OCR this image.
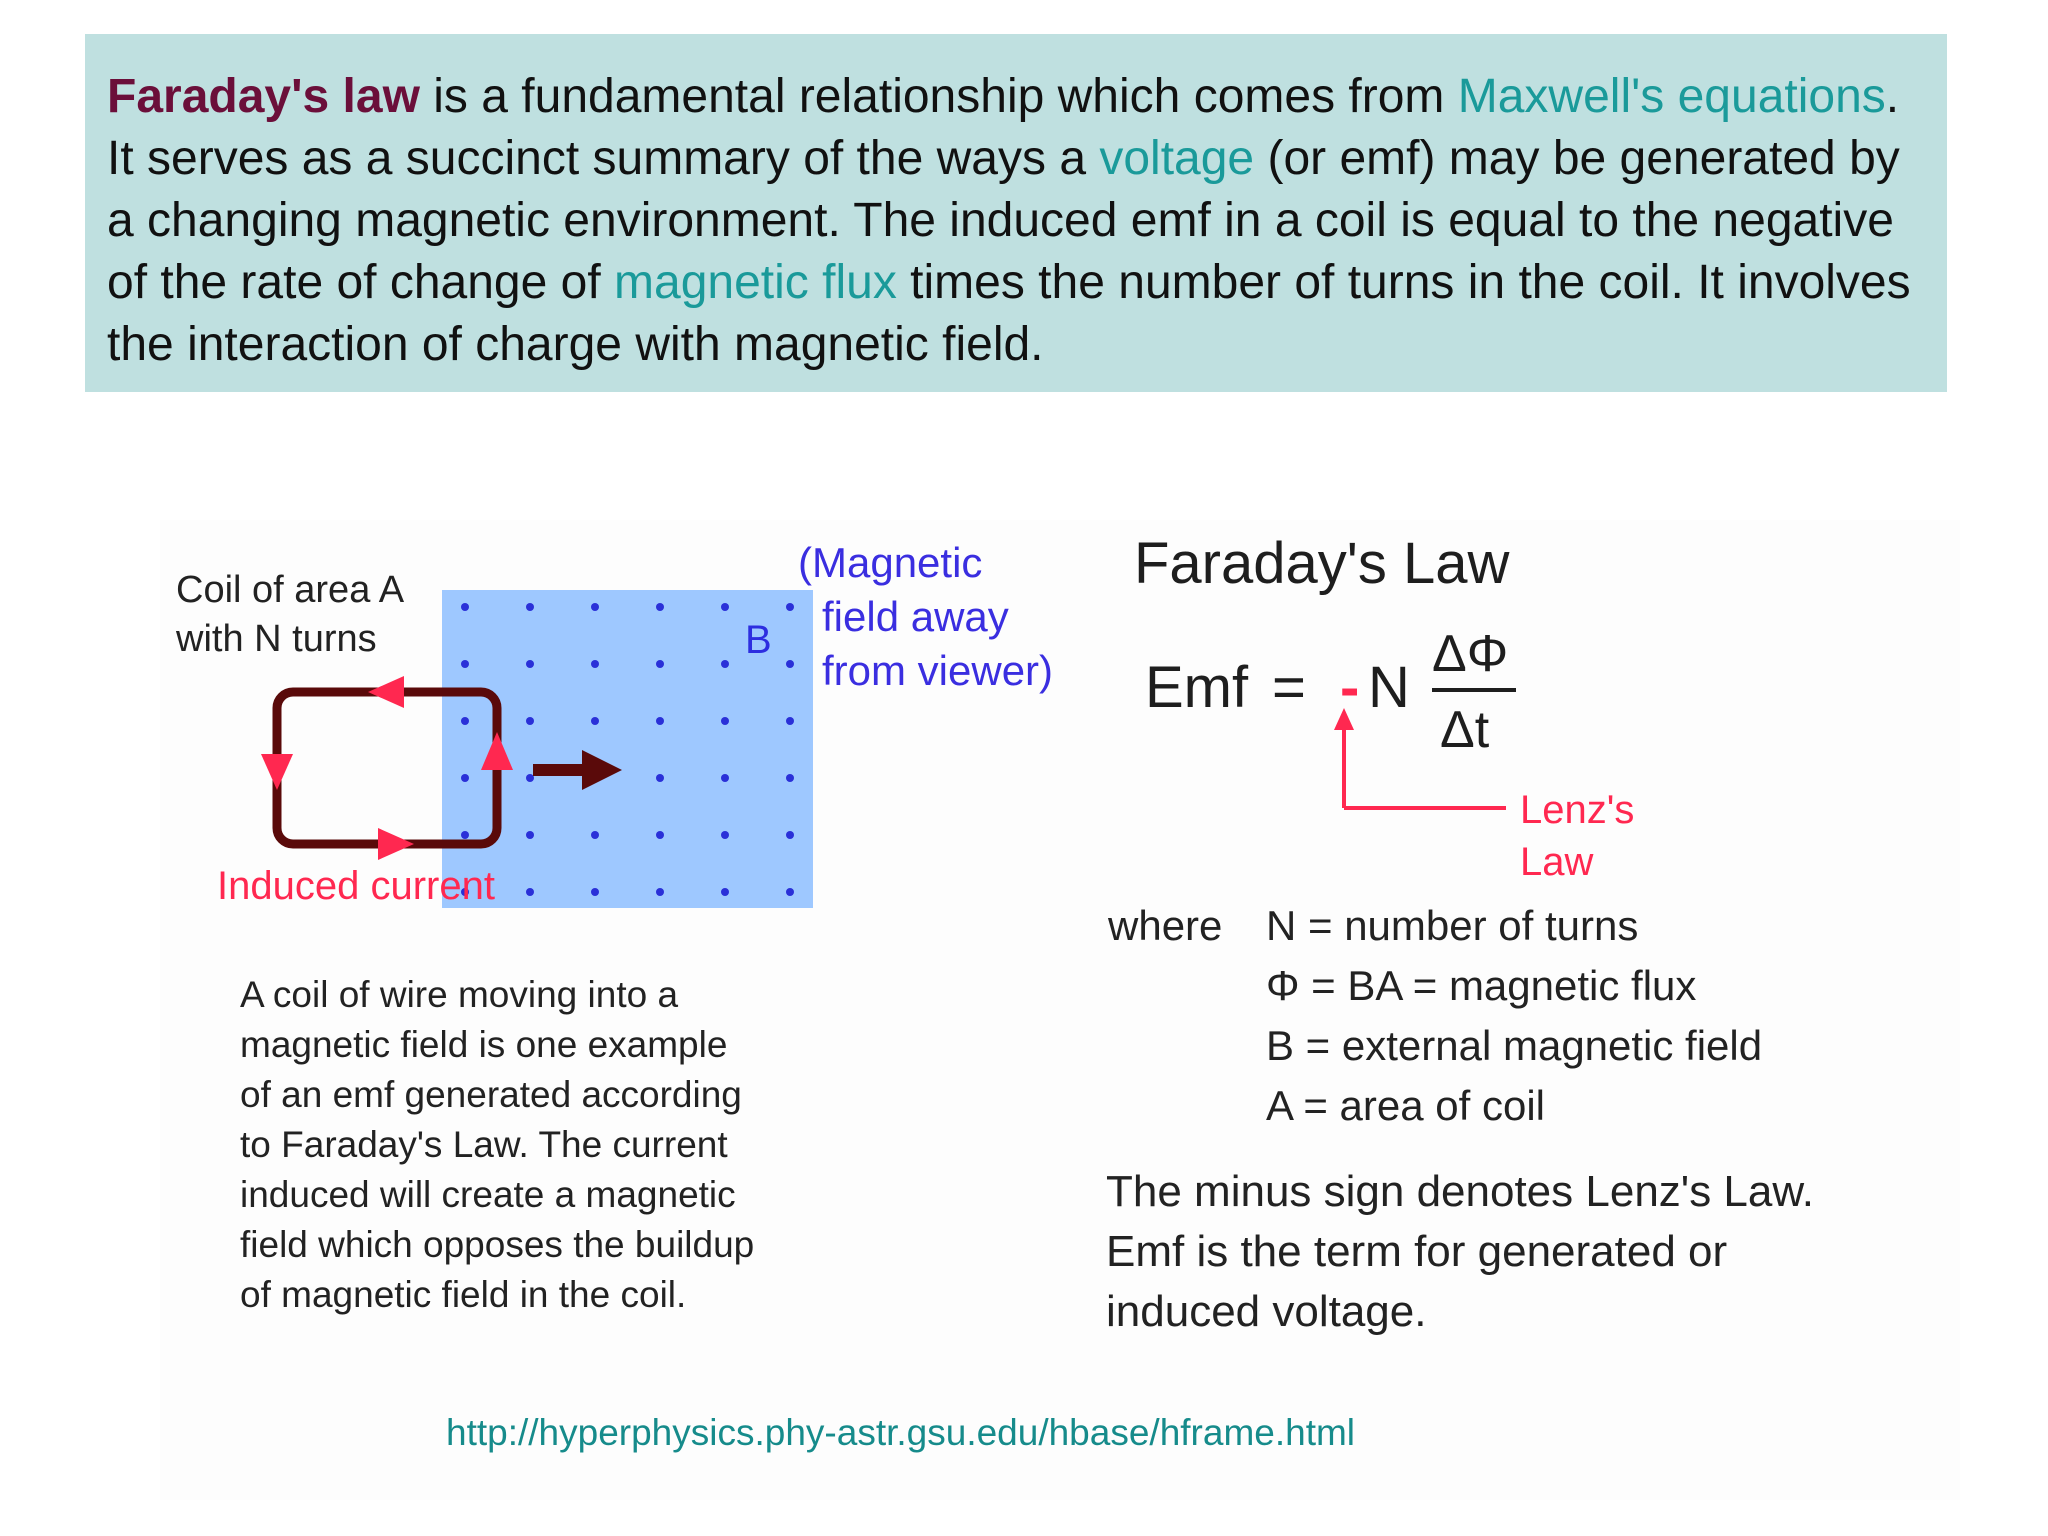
Faraday's law is a fundamental relationship which comes from Maxwell's equations. It serves as a succinct summary of the ways a voltage (or emf) may be generated by a changing magnetic environment. The induced emf in a coil is equal to the negative of the rate of change of magnetic flux times the number of turns in the coil. It involves the interaction of charge with magnetic field.
Coil of area A
with N turns	B
(Magnetic
field away
from viewer)
Induced current
A coil of wire moving into a
magnetic field is one example
of an emf generated according
to Faraday's Law. The current
induced will create a magnetic
field which opposes the buildup
of magnetic field in the coil.
Faraday's Law
Emf = - N
ΔΦ
Δt
Lenz's
Law
where N = number of turns
Φ = BA = magnetic flux
B = external magnetic field
A = area of coil
The minus sign denotes Lenz's Law.
Emf is the term for generated or
induced voltage.
http://hyperphysics.phy-astr.gsu.edu/hbase/hframe.html
